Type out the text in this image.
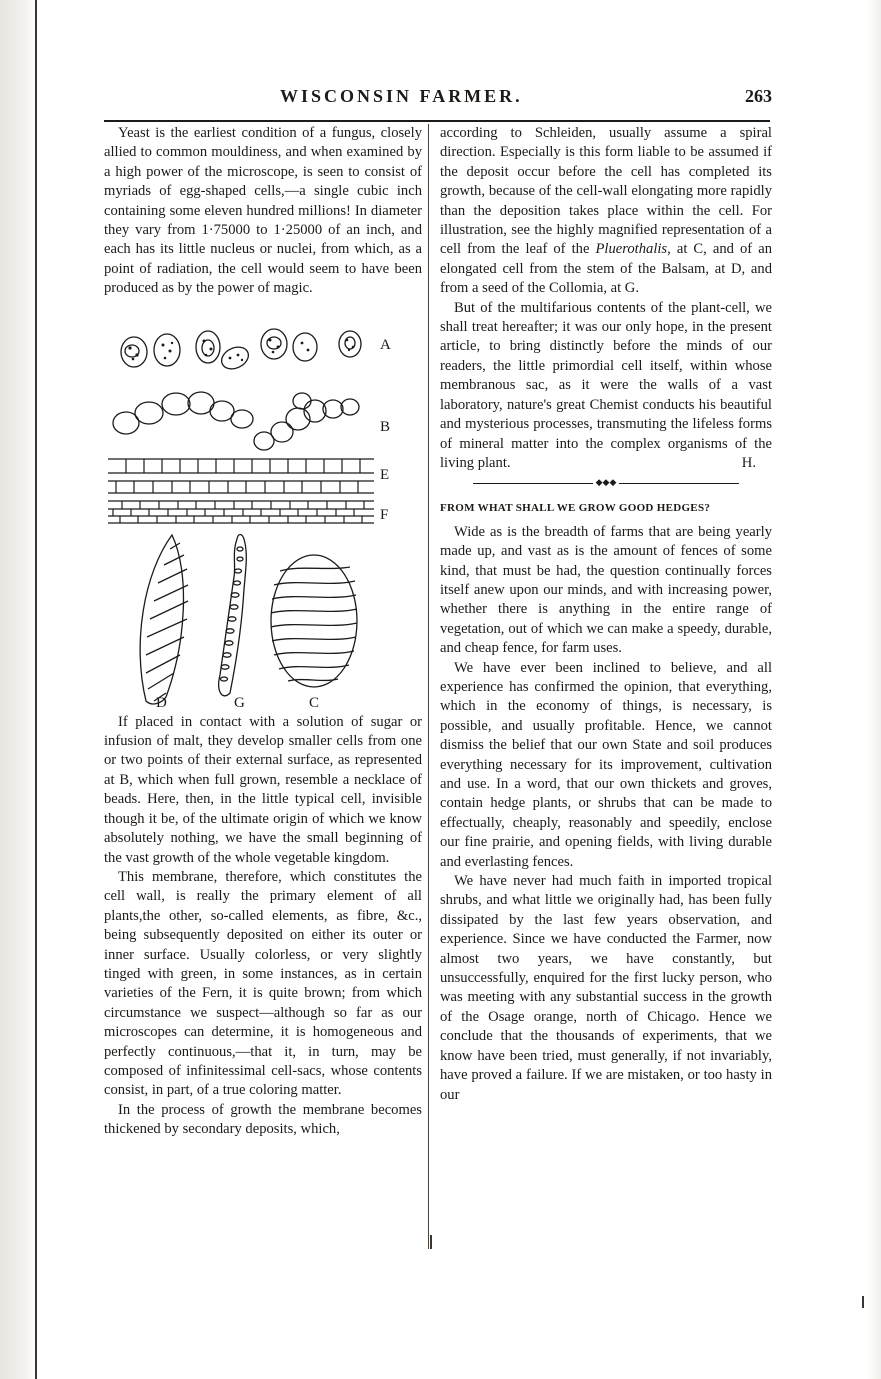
WISCONSIN FARMER.	263

Yeast is the earliest condition of a fungus, closely allied to common mouldiness, and when examined by a high power of the microscope, is seen to consist of myriads of egg-shaped cells,—a single cubic inch containing some eleven hundred millions! In diameter they vary from 1·75000 to 1·25000 of an inch, and each has its little nucleus or nuclei, from which, as a point of radiation, the cell would seem to have been produced as by the power of magic.

A
B
E
F
D	G	C

If placed in contact with a solution of sugar or infusion of malt, they develop smaller cells from one or two points of their external surface, as represented at B, which when full grown, resemble a necklace of beads. Here, then, in the little typical cell, invisible though it be, of the ultimate origin of which we know absolutely nothing, we have the small beginning of the vast growth of the whole vegetable kingdom.

This membrane, therefore, which constitutes the cell wall, is really the primary element of all plants,the other, so-called elements, as fibre, &c., being subsequently deposited on either its outer or inner surface. Usually colorless, or very slightly tinged with green, in some instances, as in certain varieties of the Fern, it is quite brown; from which circumstance we suspect—although so far as our microscopes can determine, it is homogeneous and perfectly continuous,—that it, in turn, may be composed of infinitessimal cell-sacs, whose contents consist, in part, of a true coloring matter.

In the process of growth the membrane becomes thickened by secondary deposits, which,

according to Schleiden, usually assume a spiral direction. Especially is this form liable to be assumed if the deposit occur before the cell has completed its growth, because of the cell-wall elongating more rapidly than the deposition takes place within the cell. For illustration, see the highly magnified representation of a cell from the leaf of the Pluerothalis, at C, and of an elongated cell from the stem of the Balsam, at D, and from a seed of the Collomia, at G.

But of the multifarious contents of the plant-cell, we shall treat hereafter; it was our only hope, in the present article, to bring distinctly before the minds of our readers, the little primordial cell itself, within whose membranous sac, as it were the walls of a vast laboratory, nature's great Chemist conducts his beautiful and mysterious processes, transmuting the lifeless forms of mineral matter into the complex organisms of the living plant.	H.

◆◆◆
FROM WHAT SHALL WE GROW GOOD HEDGES?

Wide as is the breadth of farms that are being yearly made up, and vast as is the amount of fences of some kind, that must be had, the question continually forces itself anew upon our minds, and with increasing power, whether there is anything in the entire range of vegetation, out of which we can make a speedy, durable, and cheap fence, for farm uses.

We have ever been inclined to believe, and all experience has confirmed the opinion, that everything, which in the economy of things, is necessary, is possible, and usually profitable. Hence, we cannot dismiss the belief that our own State and soil produces everything necessary for its improvement, cultivation and use. In a word, that our own thickets and groves, contain hedge plants, or shrubs that can be made to effectually, cheaply, reasonably and speedily, enclose our fine prairie, and opening fields, with living durable and everlasting fences.

We have never had much faith in imported tropical shrubs, and what little we originally had, has been fully dissipated by the last few years observation, and experience. Since we have conducted the Farmer, now almost two years, we have constantly, but unsuccessfully, enquired for the first lucky person, who was meeting with any substantial success in the growth of the Osage orange, north of Chicago. Hence we conclude that the thousands of experiments, that we know have been tried, must generally, if not invariably, have proved a failure. If we are mistaken, or too hasty in our
